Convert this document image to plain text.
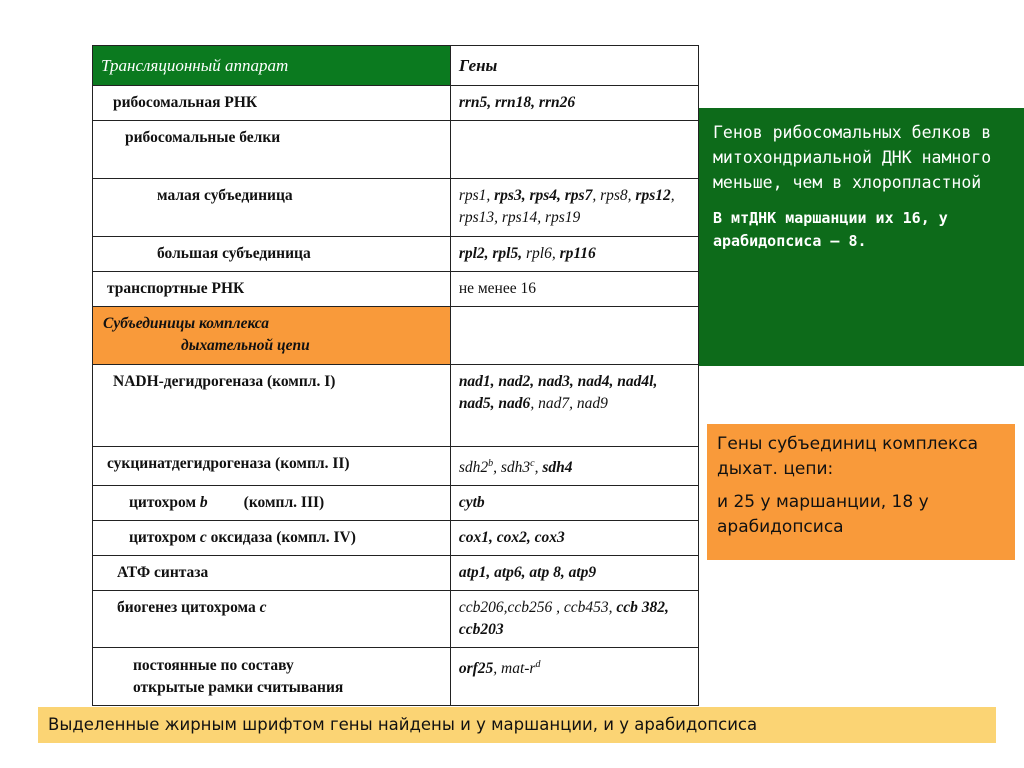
Трансляционный аппарат	Гены
рибосомальная РНК	rrn5, rrn18, rrn26
рибосомальные белки	
малая субъединица	rps1, rps3, rps4, rps7, rps8, rps12, rps13, rps14, rps19
большая субъединица	rpl2, rpl5, rpl6, rp116
транспортные РНК	не менее 16

Субъединицы комплекса
дыхательной цепи	

NADH-дегидрогеназа (компл. I)	nad1, nad2, nad3, nad4, nad4l, nad5, nad6, nad7, nad9
сукцинатдегидрогеназа (компл. II)	sdh2$^b$, sdh3$^c$, sdh4
цитохром b (компл. III)	cytb
цитохром c оксидаза (компл. IV)	cox1, cox2, cox3
АТФ синтаза	atp1, atp6, atp 8, atp9
биогенез цитохрома c	ccb206,ccb256 , ccb453, ccb 382, ccb203

постоянные по составу
открытые рамки считывания	orf25, mat-$r^d$

Генов рибосомальных белков в митохондриальной ДНК намного меньше, чем в хлоропластной

В мтДНК маршанции их 16, у арабидопсиса – 8.

Гены субъединиц комплекса дыхат. цепи:

и 25 у маршанции, 18 у арабидопсиса

Выделенные жирным шрифтом гены найдены и у маршанции, и у арабидопсиса
